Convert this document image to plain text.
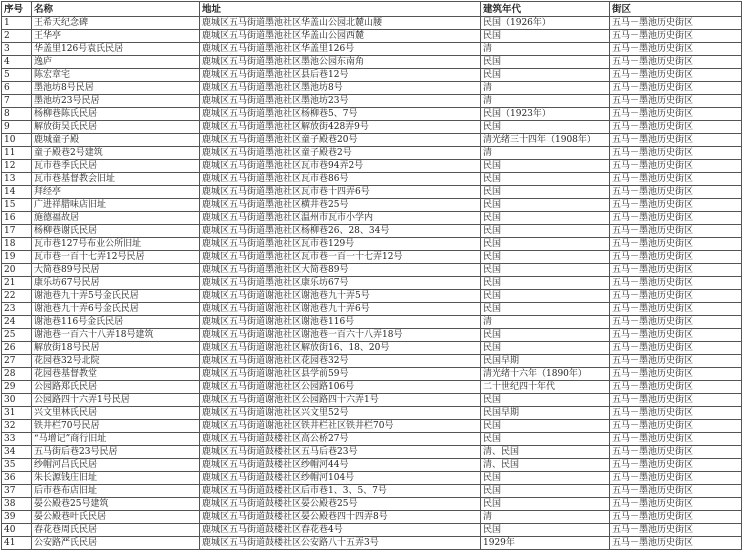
序号	名称	地址	建筑年代	街区
1	王希天纪念碑	鹿城区五马街道墨池社区华盖山公园北麓山腰	民国（1926年）	五马－墨池历史街区
2	王华亭	鹿城区五马街道墨池社区华盖山公园西麓	民国	五马－墨池历史街区
3	华盖里126号袁氏民居	鹿城区五马街道墨池社区华盖里126号	清	五马－墨池历史街区
4	逸庐	鹿城区五马街道墨池社区墨池公园东南角	民国	五马－墨池历史街区
5	陈宏章宅	鹿城区五马街道墨池社区县后巷12号	民国	五马－墨池历史街区
6	墨池坊8号民居	鹿城区五马街道墨池社区墨池坊8号	清	五马－墨池历史街区
7	墨池坊23号民居	鹿城区五马街道墨池社区墨池坊23号	清	五马－墨池历史街区
8	杨柳巷陈氏民居	鹿城区五马街道墨池社区杨柳巷5、7号	民国（1923年）	五马－墨池历史街区
9	解放街吴氏民居	鹿城区五马街道墨池社区解放街428弄9号	民国	五马－墨池历史街区
10	鹿城童子殿	鹿城区五马街道墨池社区童子殿巷20号	清光绪三十四年（1908年）	五马－墨池历史街区
11	童子殿巷2号建筑	鹿城区五马街道墨池社区童子殿巷2号	清	五马－墨池历史街区
12	瓦市巷季氏民居	鹿城区五马街道墨池社区瓦市巷94弄2号	民国	五马－墨池历史街区
13	瓦市巷基督教会旧址	鹿城区五马街道墨池社区瓦市巷86号	民国	五马－墨池历史街区
14	拜经亭	鹿城区五马街道墨池社区瓦市巷十四弄6号	民国	五马－墨池历史街区
15	广进祥腊味店旧址	鹿城区五马街道墨池社区横井巷25号	民国	五马－墨池历史街区
16	施德福故居	鹿城区五马街道墨池社区温州市瓦市小学内	民国	五马－墨池历史街区
17	杨柳巷谢氏民居	鹿城区五马街道墨池社区杨柳巷26、28、34号	民国	五马－墨池历史街区
18	瓦市巷127号布业公所旧址	鹿城区五马街道墨池社区瓦市巷129号	民国	五马－墨池历史街区
19	瓦市巷一百十七弄12号民居	鹿城区五马街道墨池社区瓦市巷一百一十七弄12号	民国	五马－墨池历史街区
20	大简巷89号民居	鹿城区五马街道墨池社区大简巷89号	民国	五马－墨池历史街区
21	康乐坊67号民居	鹿城区五马街道墨池社区康乐坊67号	民国	五马－墨池历史街区
22	谢池巷九十弄5号金氏民居	鹿城区五马街道谢池社区谢池巷九十弄5号	民国	五马－墨池历史街区
23	谢池巷九十弄6号金氏民居	鹿城区五马街道谢池社区谢池巷九十弄6号	民国	五马－墨池历史街区
24	谢池巷116号金氏民居	鹿城区五马街道谢池社区谢池巷116号	清	五马－墨池历史街区
25	谢池巷一百六十八弄18号建筑	鹿城区五马街道谢池社区谢池巷一百六十八弄18号	民国	五马－墨池历史街区
26	解放街18号民居	鹿城区五马街道谢池社区解放街16、18、20号	民国	五马－墨池历史街区
27	花园巷32号北院	鹿城区五马街道谢池社区花园巷32号	民国早期	五马－墨池历史街区
28	花园巷基督教堂	鹿城区五马街道谢池社区县学前59号	清光绪十六年（1890年）	五马－墨池历史街区
29	公园路郑氏民居	鹿城区五马街道谢池社区公园路106号	二十世纪四十年代	五马－墨池历史街区
30	公园路四十六弄1号民居	鹿城区五马街道谢池社区公园路四十六弄1号	民国	五马－墨池历史街区
31	兴文里林氏民居	鹿城区五马街道谢池社区兴文里52号	民国早期	五马－墨池历史街区
32	铁井栏70号民居	鹿城区五马街道谢池社区铁井栏社区铁井栏70号	民国	五马－墨池历史街区
33	“马增记”商行旧址	鹿城区五马街道鼓楼社区高公桥27号	民国	五马－墨池历史街区
34	五马街后巷23号民居	鹿城区五马街道鼓楼社区五马后巷23号	清、民国	五马－墨池历史街区
35	纱帽河吕氏民居	鹿城区五马街道鼓楼社区纱帽河44号	清、民国	五马－墨池历史街区
36	朱长源钱庄旧址	鹿城区五马街道鼓楼社区纱帽河104号	民国	五马－墨池历史街区
37	后市巷布店旧址	鹿城区五马街道鼓楼社区后市巷1、3、5、7号	民国	五马－墨池历史街区
38	晏公殿巷25号建筑	鹿城区五马街道鼓楼社区晏公殿巷25号	民国	五马－墨池历史街区
39	晏公殿巷叶氏民居	鹿城区五马街道鼓楼社区晏公殿巷四十四弄8号	清	五马－墨池历史街区
40	春花巷周氏民居	鹿城区五马街道鼓楼社区春花巷4号	民国	五马－墨池历史街区
41	公安路严氏民居	鹿城区五马街道鼓楼社区公安路八十五弄3号	1929年	五马－墨池历史街区
